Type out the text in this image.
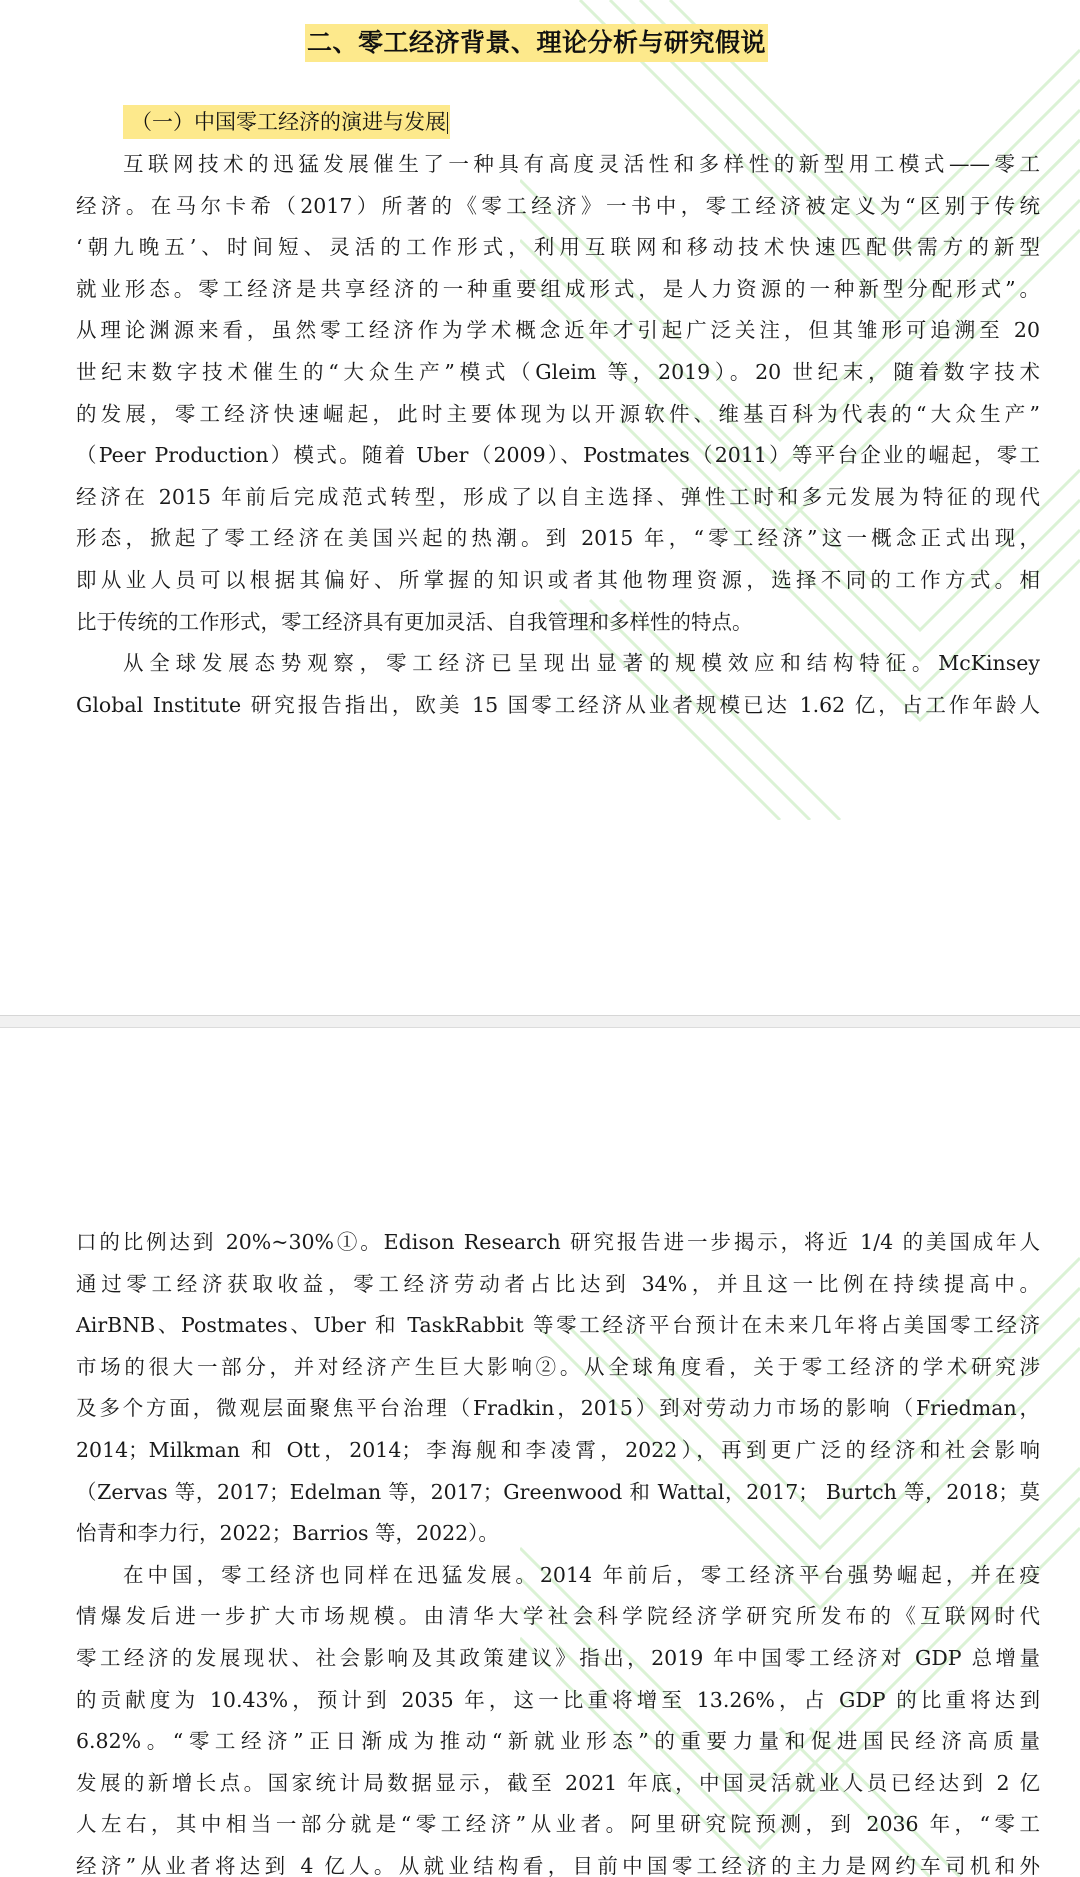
二、零工经济背景、理论分析与研究假说
（一）中国零工经济的演进与发展
互联网技术的迅猛发展催生了一种具有高度灵活性和多样性的新型用工模式——零工
经济。在马尔卡希（2017）所著的《零工经济》一书中，零工经济被定义为“区别于传统
‘朝九晚五’、时间短、灵活的工作形式，利用互联网和移动技术快速匹配供需方的新型
就业形态。零工经济是共享经济的一种重要组成形式，是人力资源的一种新型分配形式”。
从理论渊源来看，虽然零工经济作为学术概念近年才引起广泛关注，但其雏形可追溯至 20
世纪末数字技术催生的“大众生产”模式（Gleim 等，2019）。20 世纪末，随着数字技术
的发展，零工经济快速崛起，此时主要体现为以开源软件、维基百科为代表的“大众生产”
（Peer Production）模式。随着 Uber（2009）、Postmates（2011）等平台企业的崛起，零工
经济在 2015 年前后完成范式转型，形成了以自主选择、弹性工时和多元发展为特征的现代
形态，掀起了零工经济在美国兴起的热潮。到 2015 年，“零工经济”这一概念正式出现，
即从业人员可以根据其偏好、所掌握的知识或者其他物理资源，选择不同的工作方式。相
比于传统的工作形式，零工经济具有更加灵活、自我管理和多样性的特点。
从全球发展态势观察，零工经济已呈现出显著的规模效应和结构特征。McKinsey
Global Institute 研究报告指出，欧美 15 国零工经济从业者规模已达 1.62 亿，占工作年龄人
口的比例达到 20%~30%①。Edison Research 研究报告进一步揭示，将近 1/4 的美国成年人
通过零工经济获取收益，零工经济劳动者占比达到 34%，并且这一比例在持续提高中。
AirBNB、Postmates、Uber 和 TaskRabbit 等零工经济平台预计在未来几年将占美国零工经济
市场的很大一部分，并对经济产生巨大影响②。从全球角度看，关于零工经济的学术研究涉
及多个方面，微观层面聚焦平台治理（Fradkin，2015）到对劳动力市场的影响（Friedman，
2014；Milkman 和 Ott，2014；李海舰和李凌霄，2022），再到更广泛的经济和社会影响
（Zervas 等，2017；Edelman 等，2017；Greenwood 和 Wattal，2017； Burtch 等，2018；莫
怡青和李力行，2022；Barrios 等，2022）。
在中国，零工经济也同样在迅猛发展。2014 年前后，零工经济平台强势崛起，并在疫
情爆发后进一步扩大市场规模。由清华大学社会科学院经济学研究所发布的《互联网时代
零工经济的发展现状、社会影响及其政策建议》指出，2019 年中国零工经济对 GDP 总增量
的贡献度为 10.43%，预计到 2035 年，这一比重将增至 13.26%，占 GDP 的比重将达到
6.82%。“零工经济”正日渐成为推动“新就业形态”的重要力量和促进国民经济高质量
发展的新增长点。国家统计局数据显示，截至 2021 年底，中国灵活就业人员已经达到 2 亿
人左右，其中相当一部分就是“零工经济”从业者。阿里研究院预测，到 2036 年，“零工
经济”从业者将达到 4 亿人。从就业结构看，目前中国零工经济的主力是网约车司机和外
